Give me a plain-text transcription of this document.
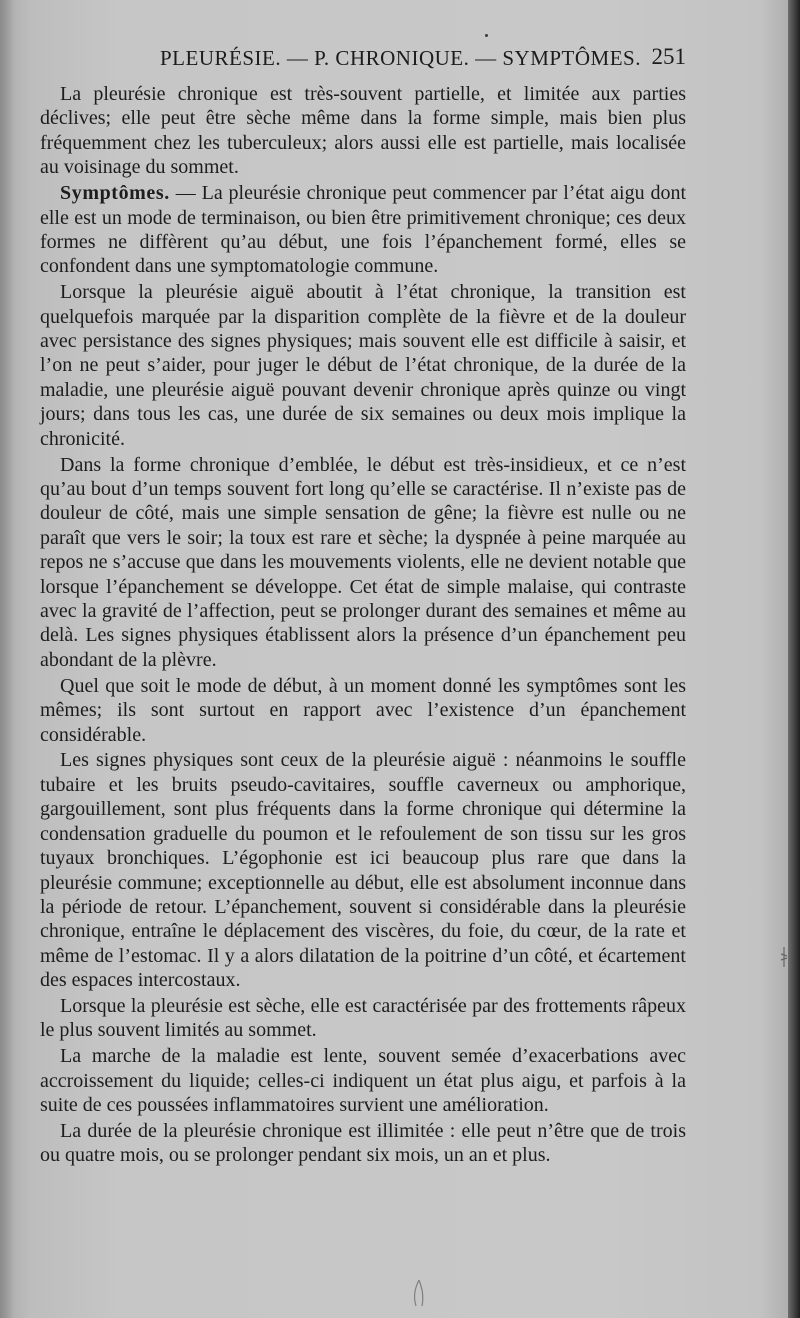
PLEURÉSIE. — P. CHRONIQUE. — SYMPTÔMES. 251

La pleurésie chronique est très-souvent partielle, et limitée aux parties déclives; elle peut être sèche même dans la forme simple, mais bien plus fréquemment chez les tuberculeux; alors aussi elle est partielle, mais localisée au voisinage du sommet.

Symptômes. — La pleurésie chronique peut commencer par l’état aigu dont elle est un mode de terminaison, ou bien être primitivement chronique; ces deux formes ne diffèrent qu’au début, une fois l’épanchement formé, elles se confondent dans une symptomatologie commune.

Lorsque la pleurésie aiguë aboutit à l’état chronique, la transition est quelquefois marquée par la disparition complète de la fièvre et de la douleur avec persistance des signes physiques; mais souvent elle est difficile à saisir, et l’on ne peut s’aider, pour juger le début de l’état chronique, de la durée de la maladie, une pleurésie aiguë pouvant devenir chronique après quinze ou vingt jours; dans tous les cas, une durée de six semaines ou deux mois implique la chronicité.

Dans la forme chronique d’emblée, le début est très-insidieux, et ce n’est qu’au bout d’un temps souvent fort long qu’elle se caractérise. Il n’existe pas de douleur de côté, mais une simple sensation de gêne; la fièvre est nulle ou ne paraît que vers le soir; la toux est rare et sèche; la dyspnée à peine marquée au repos ne s’accuse que dans les mouvements violents, elle ne devient notable que lorsque l’épanchement se développe. Cet état de simple malaise, qui contraste avec la gravité de l’affection, peut se prolonger durant des semaines et même au delà. Les signes physiques établissent alors la présence d’un épanchement peu abondant de la plèvre.

Quel que soit le mode de début, à un moment donné les symptômes sont les mêmes; ils sont surtout en rapport avec l’existence d’un épanchement considérable.

Les signes physiques sont ceux de la pleurésie aiguë : néanmoins le souffle tubaire et les bruits pseudo-cavitaires, souffle caverneux ou amphorique, gargouillement, sont plus fréquents dans la forme chronique qui détermine la condensation graduelle du poumon et le refoulement de son tissu sur les gros tuyaux bronchiques. L’égophonie est ici beaucoup plus rare que dans la pleurésie commune; exceptionnelle au début, elle est absolument inconnue dans la période de retour. L’épanchement, souvent si considérable dans la pleurésie chronique, entraîne le déplacement des viscères, du foie, du cœur, de la rate et même de l’estomac. Il y a alors dilatation de la poitrine d’un côté, et écartement des espaces intercostaux.

Lorsque la pleurésie est sèche, elle est caractérisée par des frottements râpeux le plus souvent limités au sommet.

La marche de la maladie est lente, souvent semée d’exacerbations avec accroissement du liquide; celles-ci indiquent un état plus aigu, et parfois à la suite de ces poussées inflammatoires survient une amélioration.

La durée de la pleurésie chronique est illimitée : elle peut n’être que de trois ou quatre mois, ou se prolonger pendant six mois, un an et plus.
